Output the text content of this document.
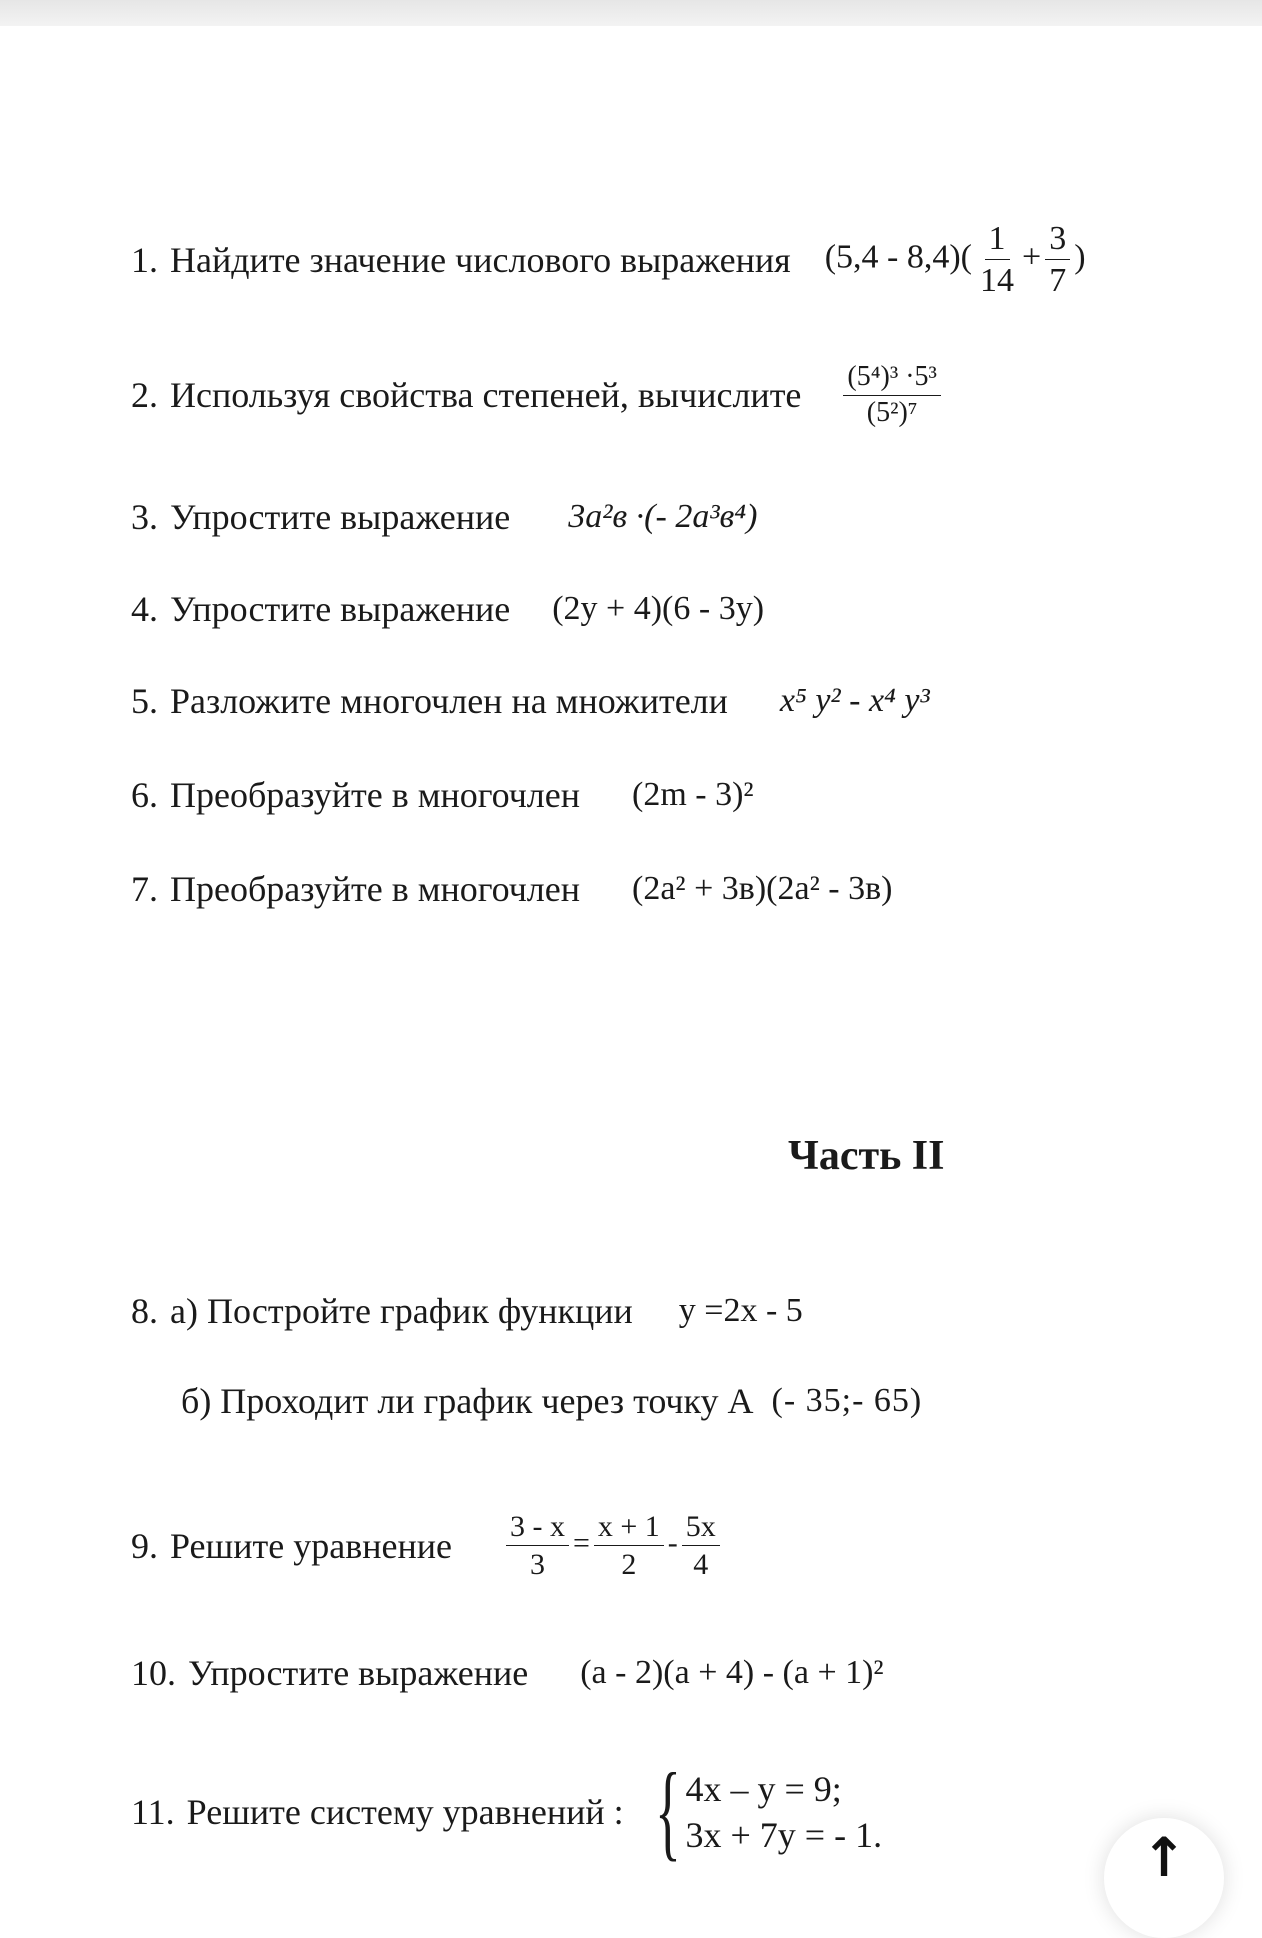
1. Найдите значение числового выражения $(5,4 - 8,4)( \frac{1}{14} + \frac{3}{7}$ )
2. Используя свойства степеней, вычислите $\frac{\text{(5⁴)³ ·5³}}{\text{(5²)⁷}}$
3. Упростите выражение 3a²в ·(- 2a³в⁴)
4. Упростите выражение (2y + 4)(6 - 3y)
5. Разложите многочлен на множители x⁵ y² - x⁴ y³
6. Преобразуйте в многочлен (2m - 3)²
7. Преобразуйте в многочлен (2a² + 3в)(2a² - 3в)
Часть II
8. а) Постройте график функции y =2x - 5
б) Проходит ли график через точку А (- 35;- 65)
9. Решите уравнение $\frac{3 - x}{3} = \frac{x + 1}{2} - \frac{5x}{4}$
10. Упростите выражение (a - 2)(a + 4) - (a + 1)²
11. Решите систему уравнений : { 4x – y = 9;
3x + 7y = - 1.	↑
